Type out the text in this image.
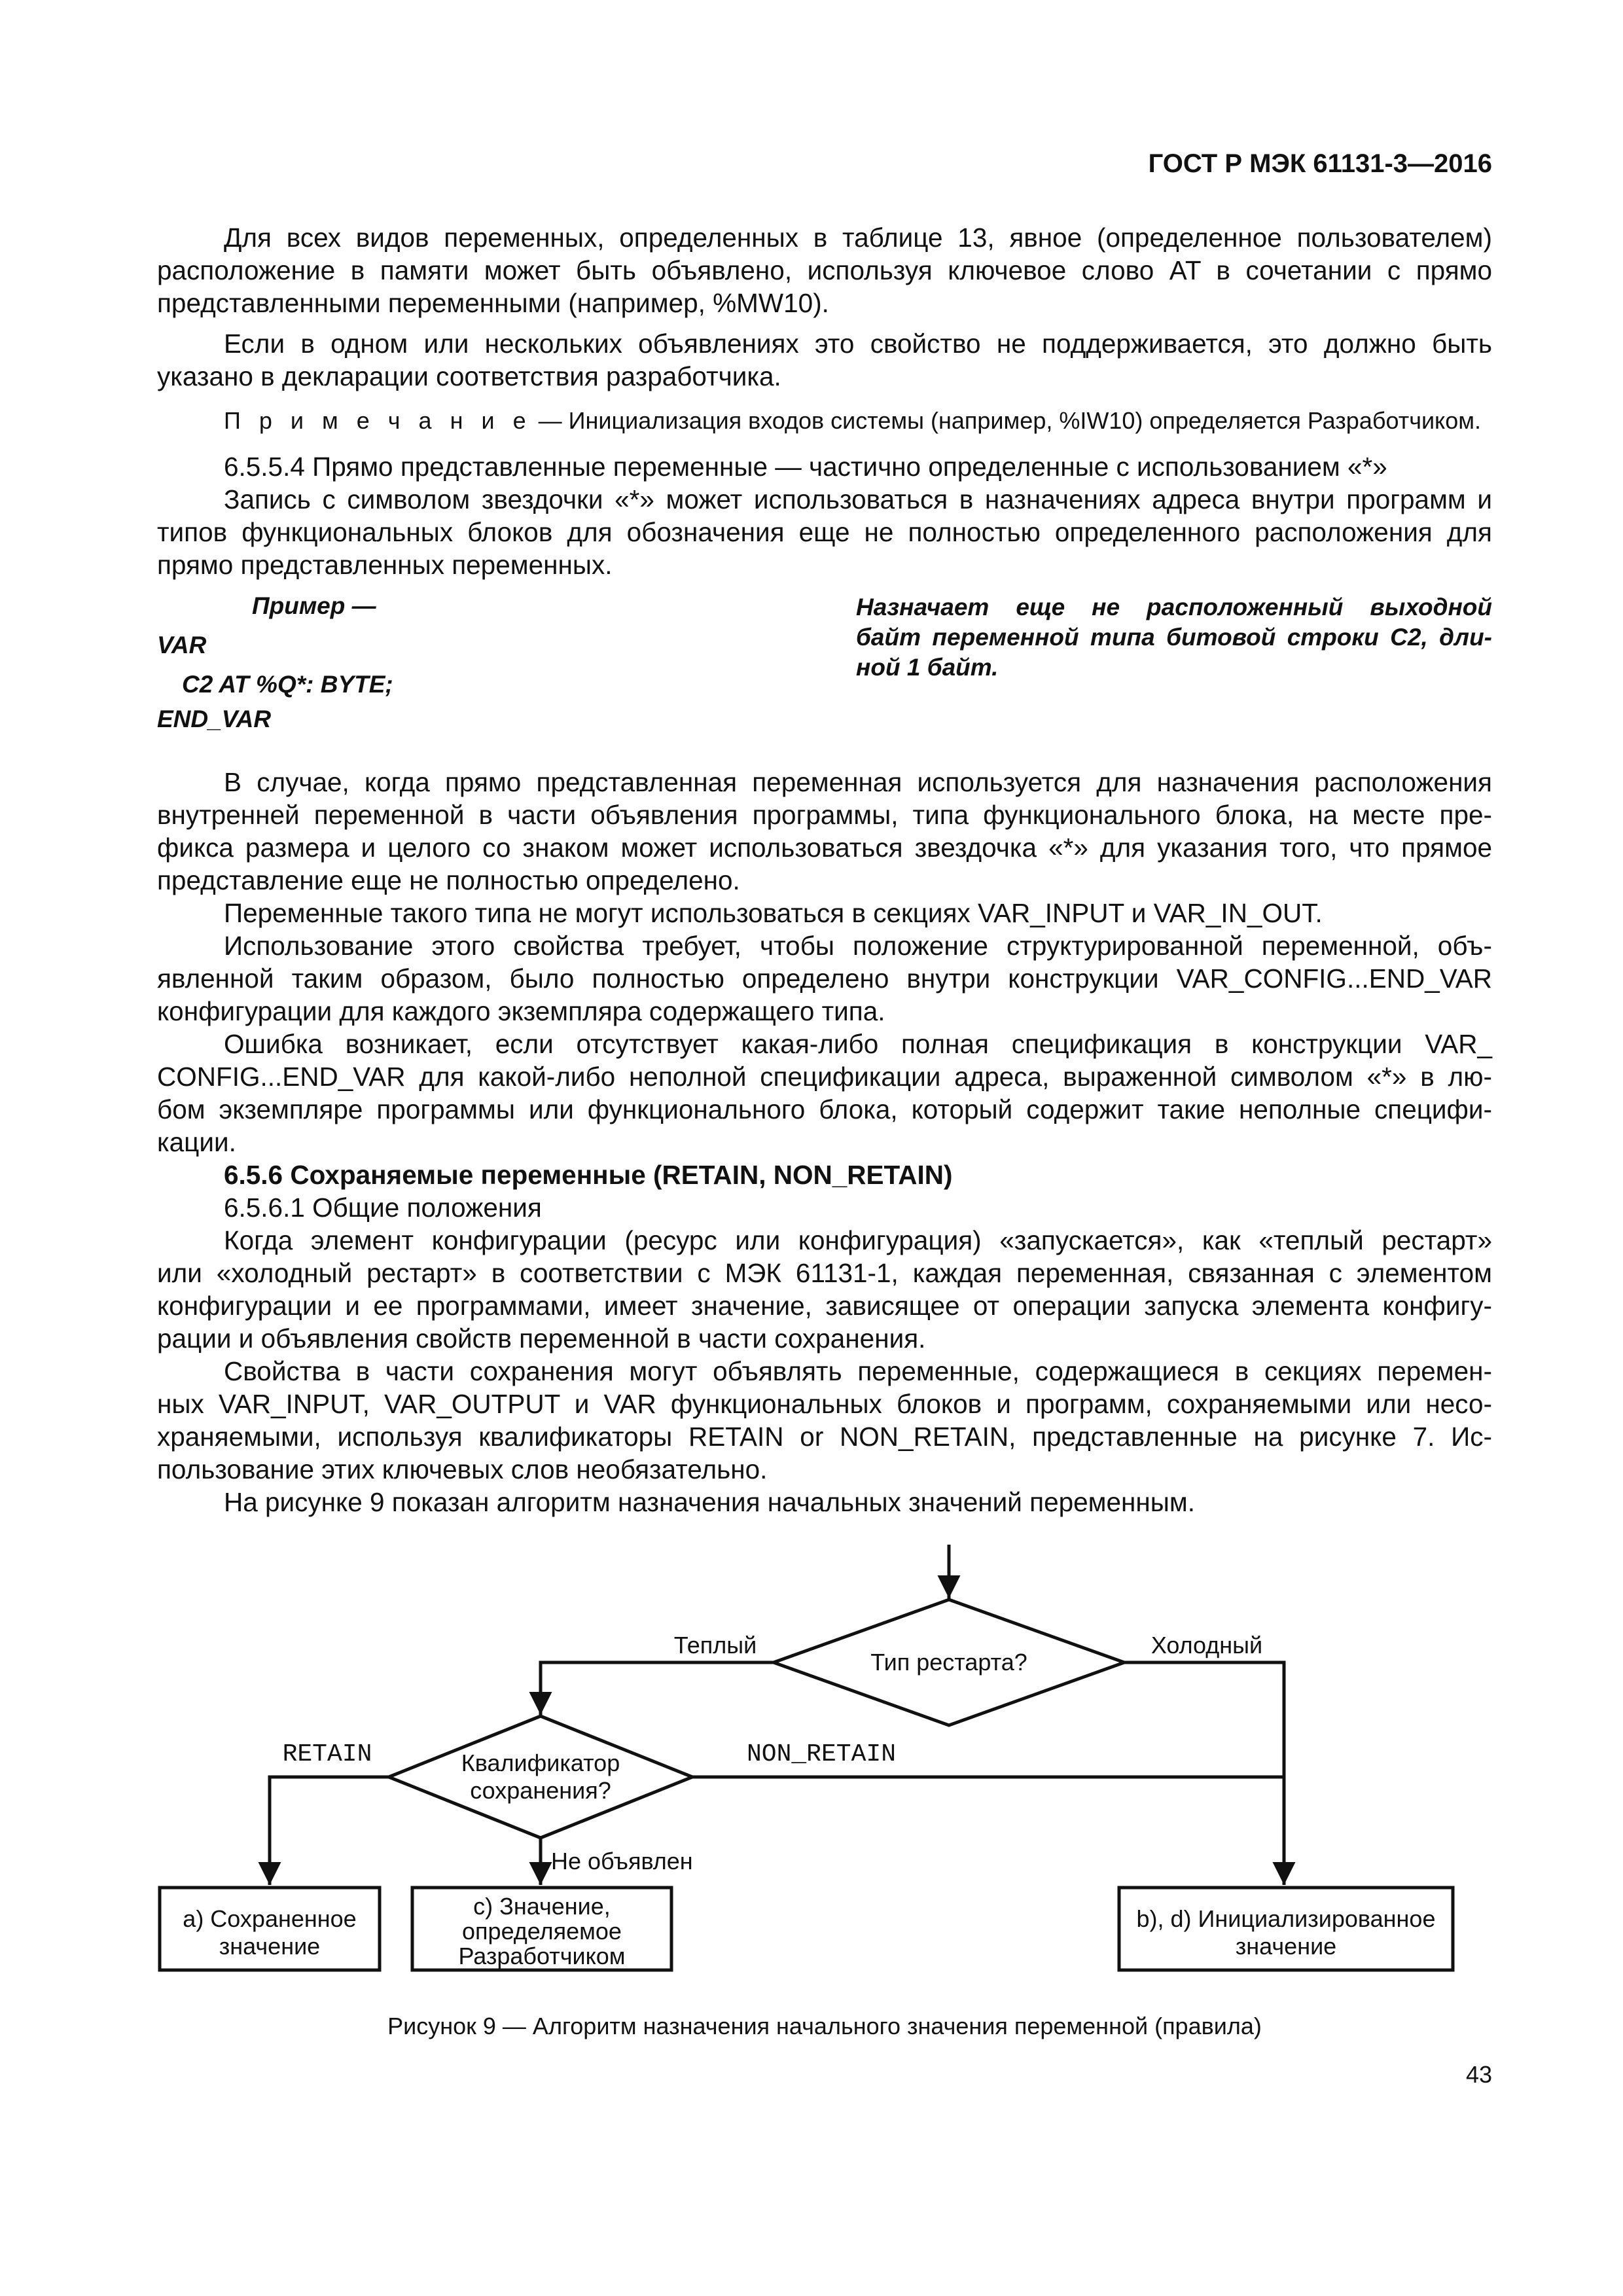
ГОСТ Р МЭК 61131-3—2016
Для всех видов переменных, определенных в таблице 13, явное (определенное пользователем)
расположение в памяти может быть объявлено, используя ключевое слово AT в сочетании с прямо
представленными переменными (например, %MW10).
Если в одном или нескольких объявлениях это свойство не поддерживается, это должно быть
указано в декларации соответствия разработчика.
П р и м е ч а н и е — Инициализация входов системы (например, %IW10) определяется Разработчиком.
6.5.5.4 Прямо представленные переменные — частично определенные с использованием «*»
Запись с символом звездочки «*» может использоваться в назначениях адреса внутри программ и
типов функциональных блоков для обозначения еще не полностью определенного расположения для
прямо представленных переменных.
Пример —
VAR
C2 AT %Q*: BYTE;
END_VAR
Назначает еще не расположенный выходной
байт переменной типа битовой строки C2, дли-
ной 1 байт.
В случае, когда прямо представленная переменная используется для назначения расположения
внутренней переменной в части объявления программы, типа функционального блока, на месте пре-
фикса размера и целого со знаком может использоваться звездочка «*» для указания того, что прямое
представление еще не полностью определено.
Переменные такого типа не могут использоваться в секциях VAR_INPUT и VAR_IN_OUT.
Использование этого свойства требует, чтобы положение структурированной переменной, объ-
явленной таким образом, было полностью определено внутри конструкции VAR_CONFIG...END_VAR
конфигурации для каждого экземпляра содержащего типа.
Ошибка возникает, если отсутствует какая-либо полная спецификация в конструкции VAR_
CONFIG...END_VAR для какой-либо неполной спецификации адреса, выраженной символом «*» в лю-
бом экземпляре программы или функционального блока, который содержит такие неполные специфи-
кации.
6.5.6 Сохраняемые переменные (RETAIN, NON_RETAIN)
6.5.6.1 Общие положения
Когда элемент конфигурации (ресурс или конфигурация) «запускается», как «теплый рестарт»
или «холодный рестарт» в соответствии с МЭК 61131-1, каждая переменная, связанная с элементом
конфигурации и ее программами, имеет значение, зависящее от операции запуска элемента конфигу-
рации и объявления свойств переменной в части сохранения.
Свойства в части сохранения могут объявлять переменные, содержащиеся в секциях перемен-
ных VAR_INPUT, VAR_OUTPUT и VAR функциональных блоков и программ, сохраняемыми или несо-
храняемыми, используя квалификаторы RETAIN or NON_RETAIN, представленные на рисунке 7. Ис-
пользование этих ключевых слов необязательно.
На рисунке 9 показан алгоритм назначения начальных значений переменным.
Тип рестарта?
Теплый	Холодный
Квалификатор
сохранения?
RETAIN	NON_RETAIN
Не объявлен
а) Сохраненное
значение
с) Значение,
определяемое
Разработчиком
b), d) Инициализированное
значение
Рисунок 9 — Алгоритм назначения начального значения переменной (правила)
43
